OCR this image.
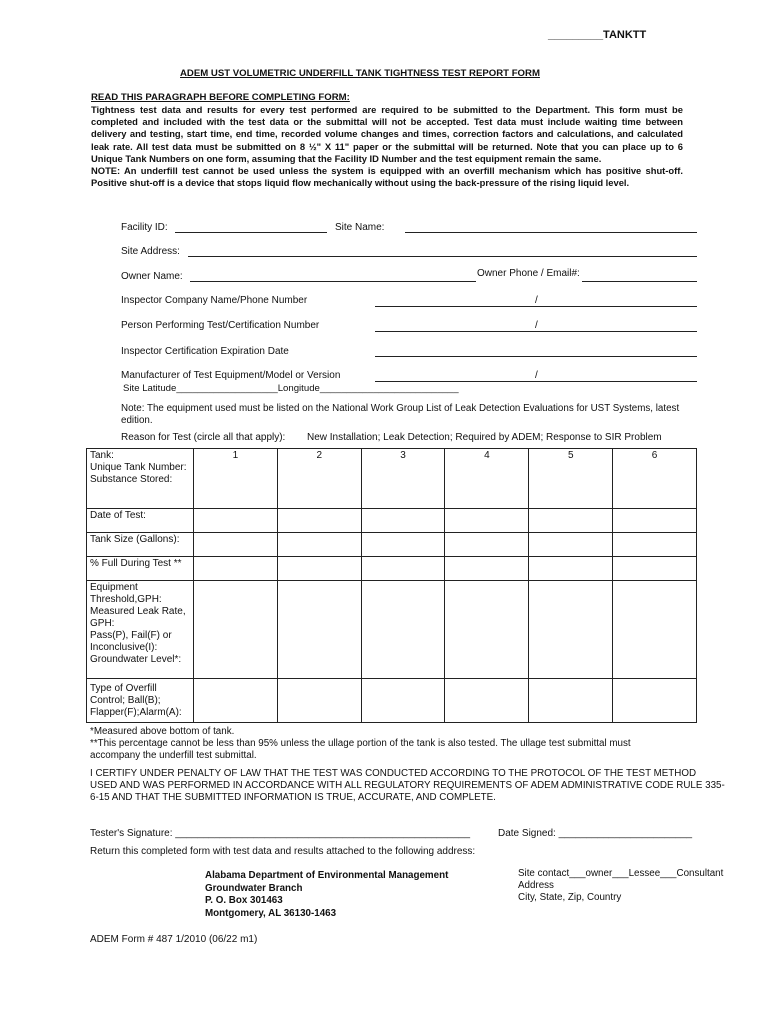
_________TANKTT
ADEM UST VOLUMETRIC UNDERFILL TANK TIGHTNESS TEST REPORT FORM
READ THIS PARAGRAPH BEFORE COMPLETING FORM:

Tightness test data and results for every test performed are required to be submitted to the Department. This form must be completed and included with the test data or the submittal will not be accepted. Test data must include waiting time between delivery and testing, start time, end time, recorded volume changes and times, correction factors and calculations, and calculated leak rate. All test data must be submitted on 8 ½" X 11" paper or the submittal will be returned. Note that you can place up to 6 Unique Tank Numbers on one form, assuming that the Facility ID Number and the test equipment remain the same.

NOTE: An underfill test cannot be used unless the system is equipped with an overfill mechanism which has positive shut-off. Positive shut-off is a device that stops liquid flow mechanically without using the back-pressure of the rising liquid level.

Facility ID:	Site Name:
Site Address:
Owner Name:	Owner Phone / Email#:
Inspector Company Name/Phone Number	/
Person Performing Test/Certification Number	/
Inspector Certification Expiration Date
Manufacturer of Test Equipment/Model or Version	/
Site Latitude___________________Longitude__________________________
Note: The equipment used must be listed on the National Work Group List of Leak Detection Evaluations for UST Systems, latest edition.
Reason for Test (circle all that apply): New Installation; Leak Detection; Required by ADEM; Response to SIR Problem
Tank:
Unique Tank Number:
Substance Stored:	1	2	3	4	5	6
Date of Test:						
Tank Size (Gallons):						
% Full During Test **						

Equipment Threshold,GPH:
Measured Leak Rate, GPH:
Pass(P), Fail(F) or Inconclusive(I):
Groundwater Level*:						

Type of Overfill Control; Ball(B); Flapper(F);Alarm(A):						
*Measured above bottom of tank.
**This percentage cannot be less than 95% unless the ullage portion of the tank is also tested. The ullage test submittal must accompany the underfill test submittal.
I CERTIFY UNDER PENALTY OF LAW THAT THE TEST WAS CONDUCTED ACCORDING TO THE PROTOCOL OF THE TEST METHOD USED AND WAS PERFORMED IN ACCORDANCE WITH ALL REGULATORY REQUIREMENTS OF ADEM ADMINISTRATIVE CODE RULE 335-6-15 AND THAT THE SUBMITTED INFORMATION IS TRUE, ACCURATE, AND COMPLETE.
Tester's Signature: _____________________________________________________	Date Signed: ________________________
Return this completed form with test data and results attached to the following address:
Alabama Department of Environmental Management
Groundwater Branch
P. O. Box 301463
Montgomery, AL 36130-1463
Site contact___owner___Lessee___Consultant
Address
City, State, Zip, Country
ADEM Form # 487 1/2010 (06/22 m1)
